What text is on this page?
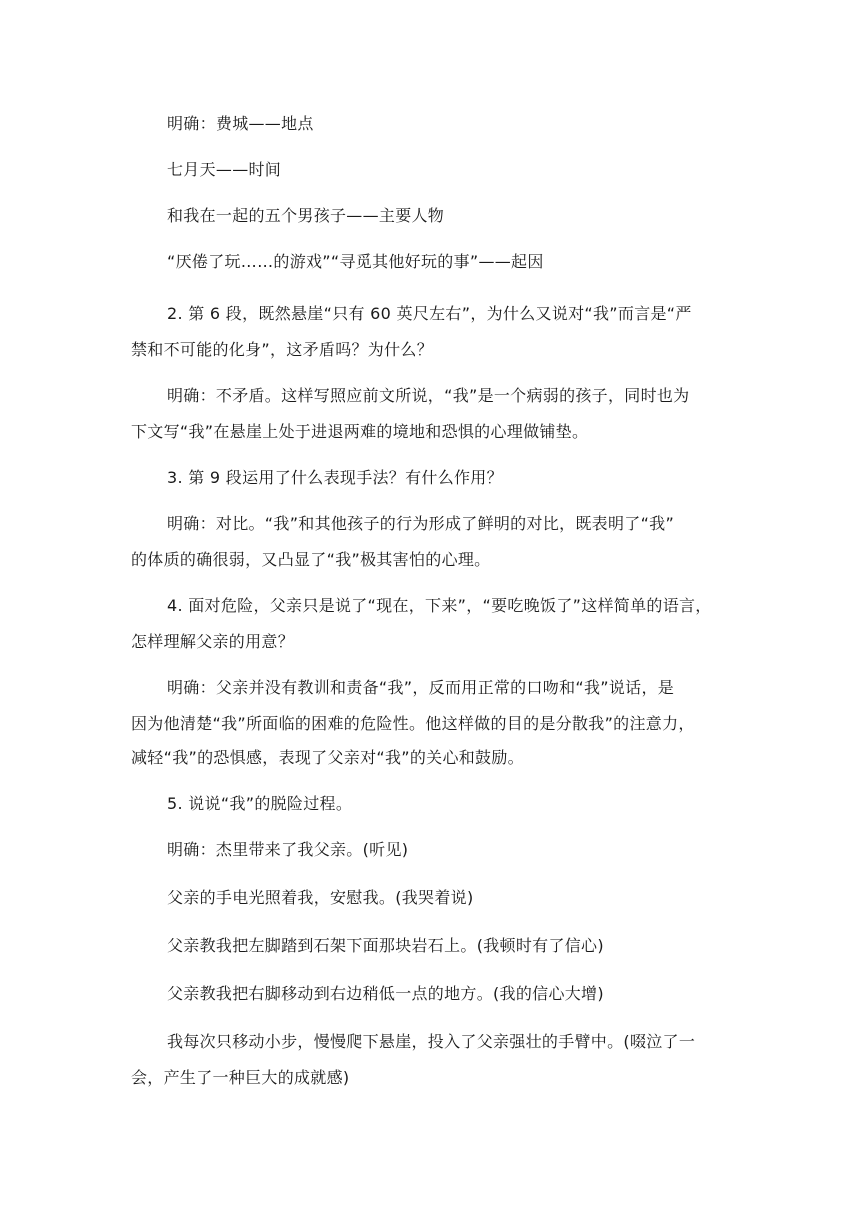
明确：费城——地点
七月天——时间
和我在一起的五个男孩子——主要人物
“厌倦了玩……的游戏”“寻觅其他好玩的事”——起因
2. 第 6 段，既然悬崖“只有 60 英尺左右”，为什么又说对“我”而言是“严
禁和不可能的化身”，这矛盾吗？为什么？
明确：不矛盾。这样写照应前文所说，“我”是一个病弱的孩子，同时也为
下文写“我”在悬崖上处于进退两难的境地和恐惧的心理做铺垫。
3. 第 9 段运用了什么表现手法？有什么作用？
明确：对比。“我”和其他孩子的行为形成了鲜明的对比，既表明了“我”
的体质的确很弱，又凸显了“我”极其害怕的心理。
4. 面对危险，父亲只是说了“现在，下来”，“要吃晚饭了”这样简单的语言，
怎样理解父亲的用意？
明确：父亲并没有教训和责备“我”，反而用正常的口吻和“我”说话，是
因为他清楚“我”所面临的困难的危险性。他这样做的目的是分散我”的注意力，
减轻“我”的恐惧感，表现了父亲对“我”的关心和鼓励。
5. 说说“我”的脱险过程。
明确：杰里带来了我父亲。(听见)
父亲的手电光照着我，安慰我。(我哭着说)
父亲教我把左脚踏到石架下面那块岩石上。(我顿时有了信心)
父亲教我把右脚移动到右边稍低一点的地方。(我的信心大增)
我每次只移动小步，慢慢爬下悬崖，投入了父亲强壮的手臂中。(啜泣了一
会，产生了一种巨大的成就感)
